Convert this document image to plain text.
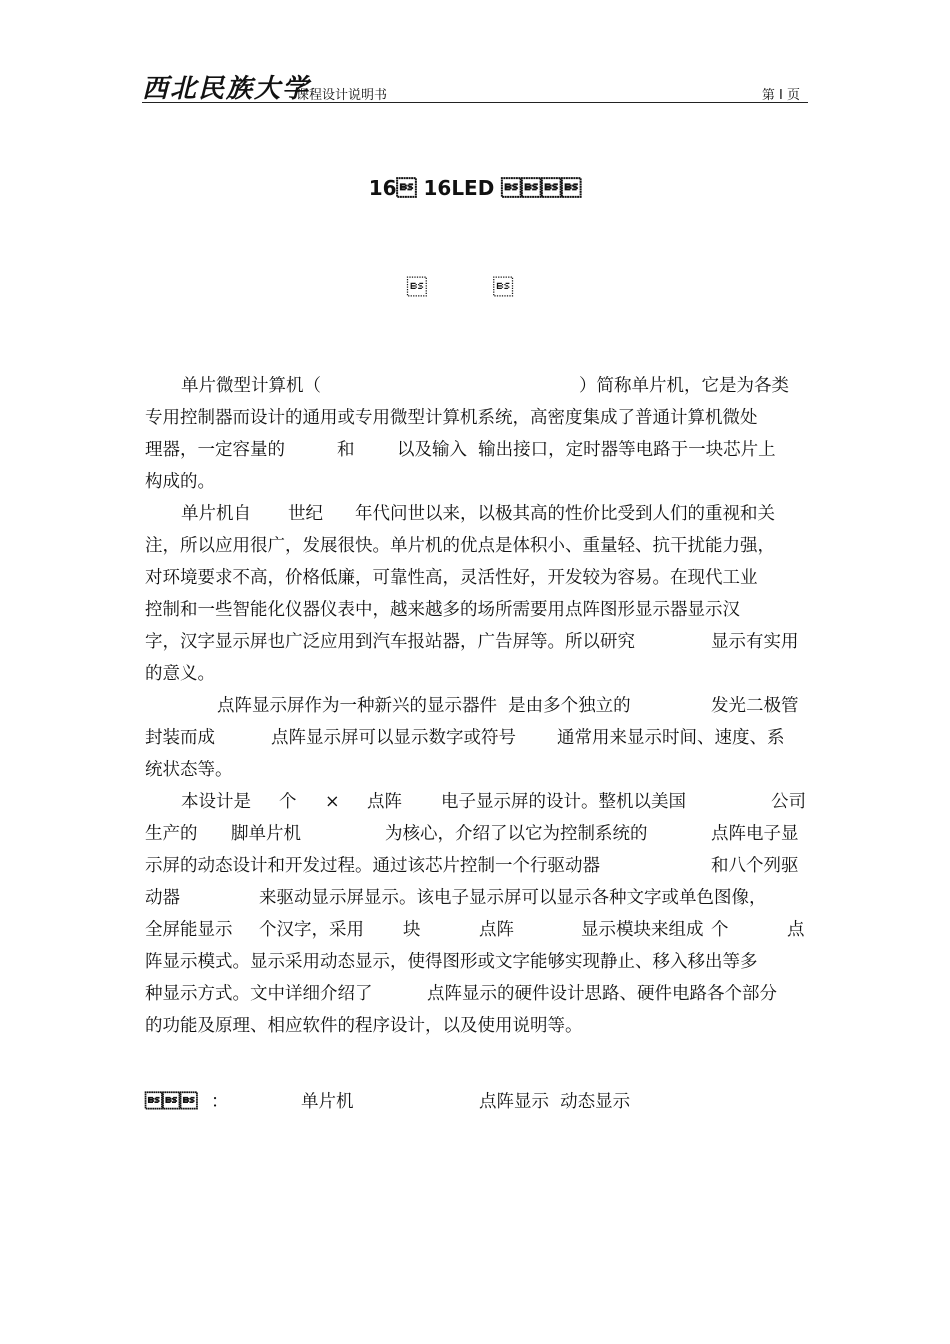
西北民族大学
课程设计说明书	第 I 页
16 16LED 
 

单片微型计算机（

	）简称单片机，它是为各类

专用控制器而设计的通用或专用微型计算机系统，高密度集成了普通计算机微处

理器，一定容量的

	和

以及输入  输出接口，定时器等电路于一块芯片上

构成的。

单片机自

世纪

年代问世以来，以极其高的性价比受到人们的重视和关

注，所以应用很广，发展很快。单片机的优点是体积小、重量轻、抗干扰能力强，

对环境要求不高，价格低廉，可靠性高，灵活性好，开发较为容易。在现代工业

控制和一些智能化仪器仪表中，越来越多的场所需要用点阵图形显示器显示汉

字，汉字显示屏也广泛应用到汽车报站器，广告屏等。所以研究

	显示有实用

的意义。

点阵显示屏作为一种新兴的显示器件  是由多个独立的

	发光二极管

封装而成

	点阵显示屏可以显示数字或符号

通常用来显示时间、速度、系

统状态等。

本设计是

个

×

点阵

电子显示屏的设计。整机以美国

	公司

生产的

脚单片机

	为核心，介绍了以它为控制系统的

	点阵电子显

示屏的动态设计和开发过程。通过该芯片控制一个行驱动器

	和八个列驱

动器

	来驱动显示屏显示。该电子显示屏可以显示各种文字或单色图像，

全屏能显示

个汉字，采用

块

	点阵

	显示模块来组成

个

	点

阵显示模式。显示采用动态显示，使得图形或文字能够实现静止、移入移出等多

种显示方式。文中详细介绍了

	点阵显示的硬件设计思路、硬件电路各个部分

的功能及原理、相应软件的程序设计，以及使用说明等。

 ：	单片机	点阵显示  动态显示
